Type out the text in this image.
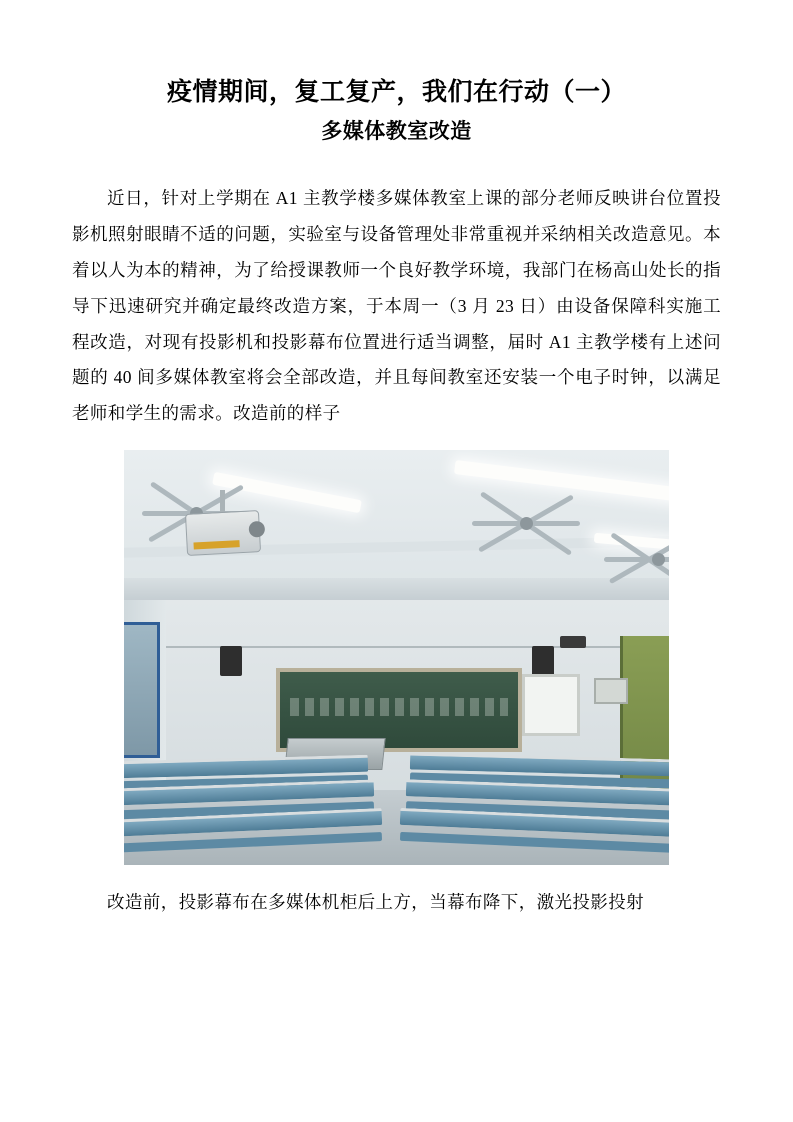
疫情期间，复工复产，我们在行动（一）
多媒体教室改造

近日，针对上学期在 A1 主教学楼多媒体教室上课的部分老师反映讲台位置投影机照射眼睛不适的问题，实验室与设备管理处非常重视并采纳相关改造意见。本着以人为本的精神，为了给授课教师一个良好教学环境，我部门在杨高山处长的指导下迅速研究并确定最终改造方案，于本周一（3 月 23 日）由设备保障科实施工程改造，对现有投影机和投影幕布位置进行适当调整，届时 A1 主教学楼有上述问题的 40 间多媒体教室将会全部改造，并且每间教室还安装一个电子时钟，以满足老师和学生的需求。改造前的样子

改造前，投影幕布在多媒体机柜后上方，当幕布降下，激光投影投射
